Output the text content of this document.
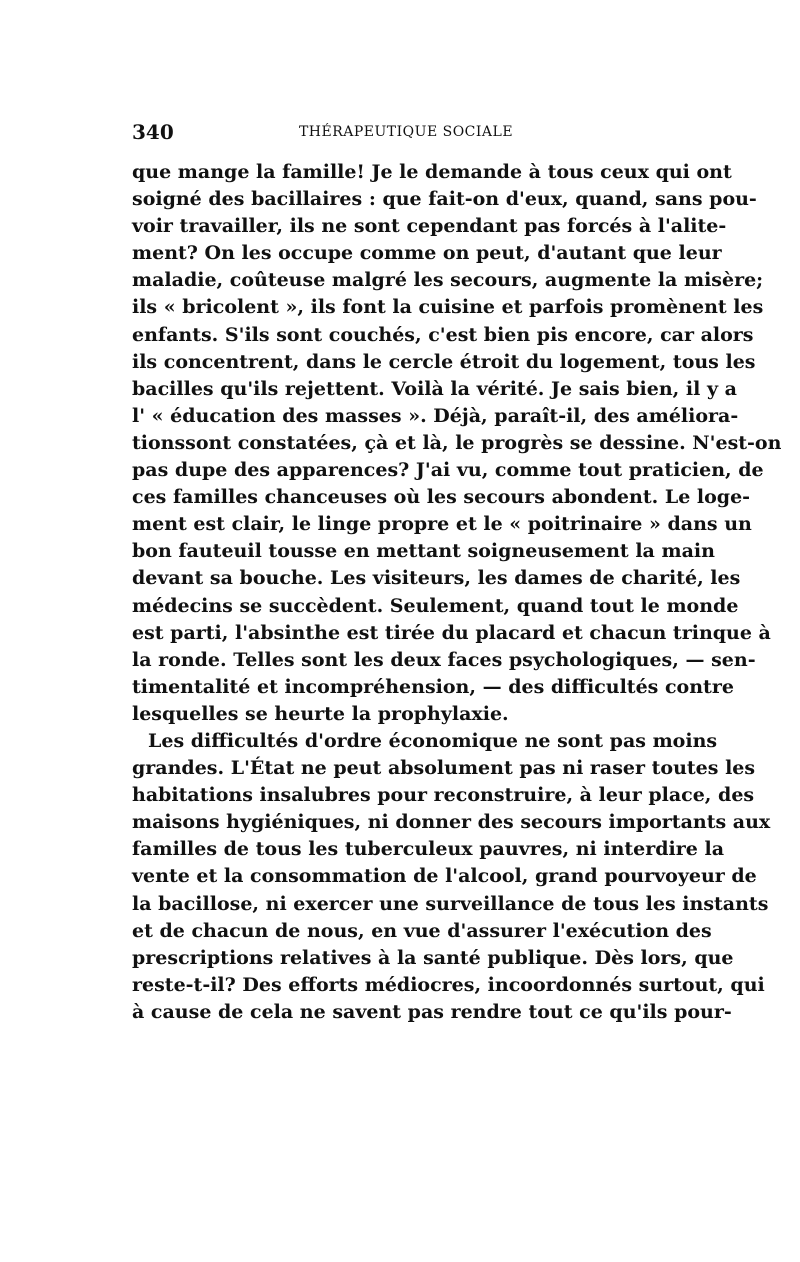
340	THÉRAPEUTIQUE SOCIALE
que mange la famille! Je le demande à tous ceux qui ont
soigné des bacillaires : que fait-on d'eux, quand, sans pou-
voir travailler, ils ne sont cependant pas forcés à l'alite-
ment? On les occupe comme on peut, d'autant que leur
maladie, coûteuse malgré les secours, augmente la misère;
ils « bricolent », ils font la cuisine et parfois promènent les
enfants. S'ils sont couchés, c'est bien pis encore, car alors
ils concentrent, dans le cercle étroit du logement, tous les
bacilles qu'ils rejettent. Voilà la vérité. Je sais bien, il y a
l' « éducation des masses ». Déjà, paraît-il, des améliora-
tionssont constatées, çà et là, le progrès se dessine. N'est-on
pas dupe des apparences? J'ai vu, comme tout praticien, de
ces familles chanceuses où les secours abondent. Le loge-
ment est clair, le linge propre et le « poitrinaire » dans un
bon fauteuil tousse en mettant soigneusement la main
devant sa bouche. Les visiteurs, les dames de charité, les
médecins se succèdent. Seulement, quand tout le monde
est parti, l'absinthe est tirée du placard et chacun trinque à
la ronde. Telles sont les deux faces psychologiques, — sen-
timentalité et incompréhension, — des difficultés contre
lesquelles se heurte la prophylaxie.
Les difficultés d'ordre économique ne sont pas moins
grandes. L'État ne peut absolument pas ni raser toutes les
habitations insalubres pour reconstruire, à leur place, des
maisons hygiéniques, ni donner des secours importants aux
familles de tous les tuberculeux pauvres, ni interdire la
vente et la consommation de l'alcool, grand pourvoyeur de
la bacillose, ni exercer une surveillance de tous les instants
et de chacun de nous, en vue d'assurer l'exécution des
prescriptions relatives à la santé publique. Dès lors, que
reste-t-il? Des efforts médiocres, incoordonnés surtout, qui
à cause de cela ne savent pas rendre tout ce qu'ils pour-
